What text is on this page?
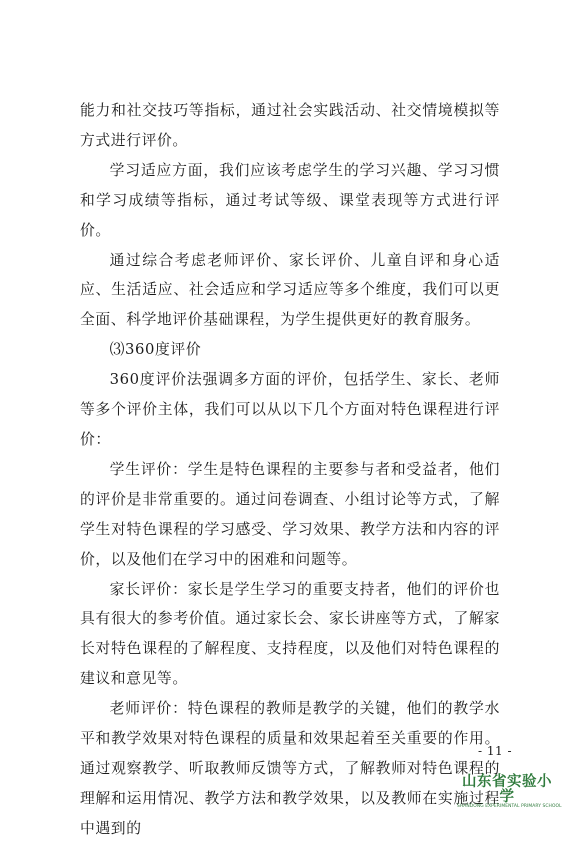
能力和社交技巧等指标，通过社会实践活动、社交情境模拟等方式进行评价。

学习适应方面，我们应该考虑学生的学习兴趣、学习习惯和学习成绩等指标，通过考试等级、课堂表现等方式进行评价。

通过综合考虑老师评价、家长评价、儿童自评和身心适应、生活适应、社会适应和学习适应等多个维度，我们可以更全面、科学地评价基础课程，为学生提供更好的教育服务。

⑶360度评价

360度评价法强调多方面的评价，包括学生、家长、老师等多个评价主体，我们可以从以下几个方面对特色课程进行评价：

学生评价：学生是特色课程的主要参与者和受益者，他们的评价是非常重要的。通过问卷调查、小组讨论等方式，了解学生对特色课程的学习感受、学习效果、教学方法和内容的评价，以及他们在学习中的困难和问题等。

家长评价：家长是学生学习的重要支持者，他们的评价也具有很大的参考价值。通过家长会、家长讲座等方式，了解家长对特色课程的了解程度、支持程度，以及他们对特色课程的建议和意见等。

老师评价：特色课程的教师是教学的关键，他们的教学水平和教学效果对特色课程的质量和效果起着至关重要的作用。通过观察教学、听取教师反馈等方式，了解教师对特色课程的理解和运用情况、教学方法和教学效果，以及教师在实施过程中遇到的

- 11 -
山东省实验小学
SHANDONG EXPERIMENTAL PRIMARY SCHOOL
